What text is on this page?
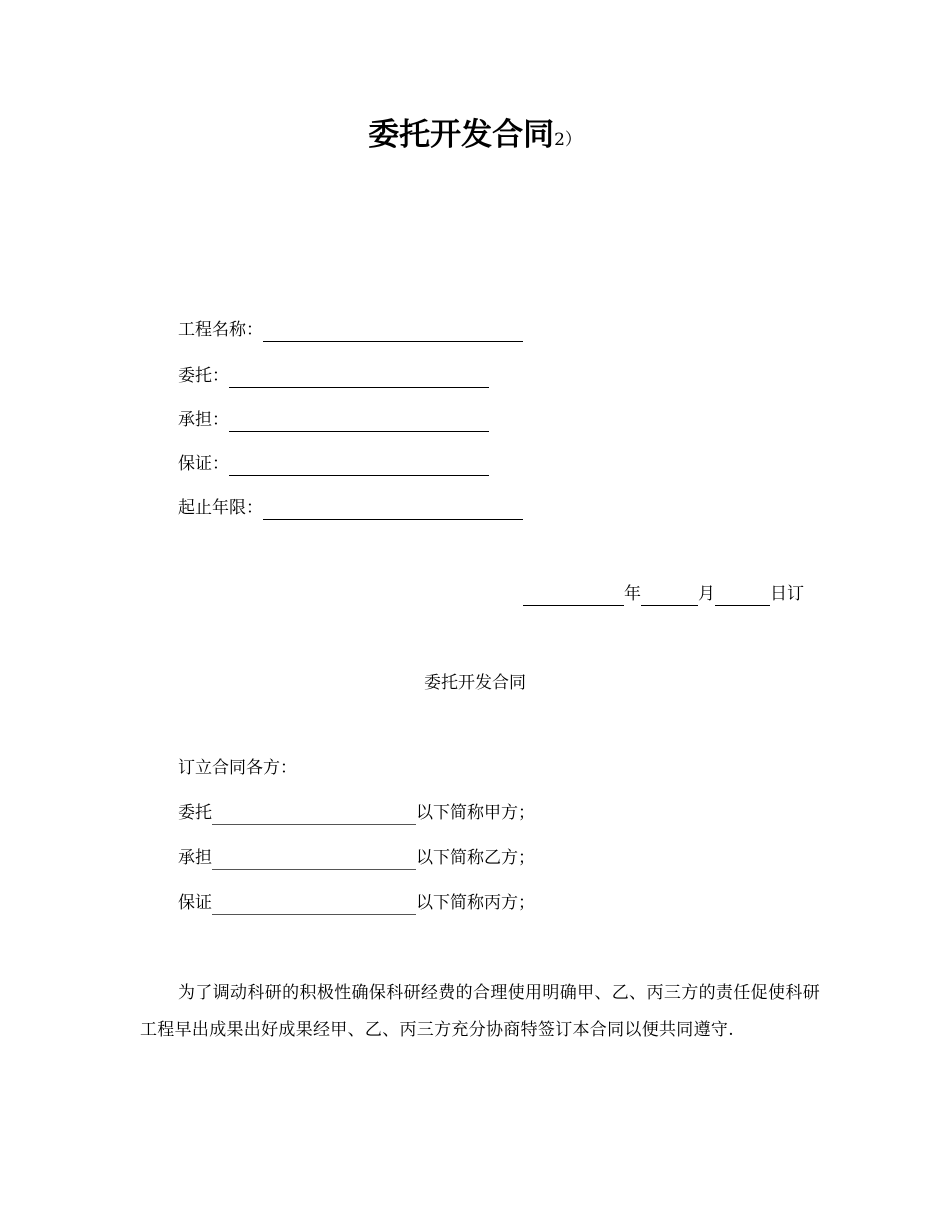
委托开发合同2）
工程名称：
委托：
承担：
保证：
起止年限：
年	月	日订
委托开发合同
订立合同各方：
委托	以下简称甲方；
承担	以下简称乙方；
保证	以下简称丙方；
为了调动科研的积极性确保科研经费的合理使用明确甲、乙、丙三方的责任促使科研工程早出成果出好成果经甲、乙、丙三方充分协商特签订本合同以便共同遵守.
